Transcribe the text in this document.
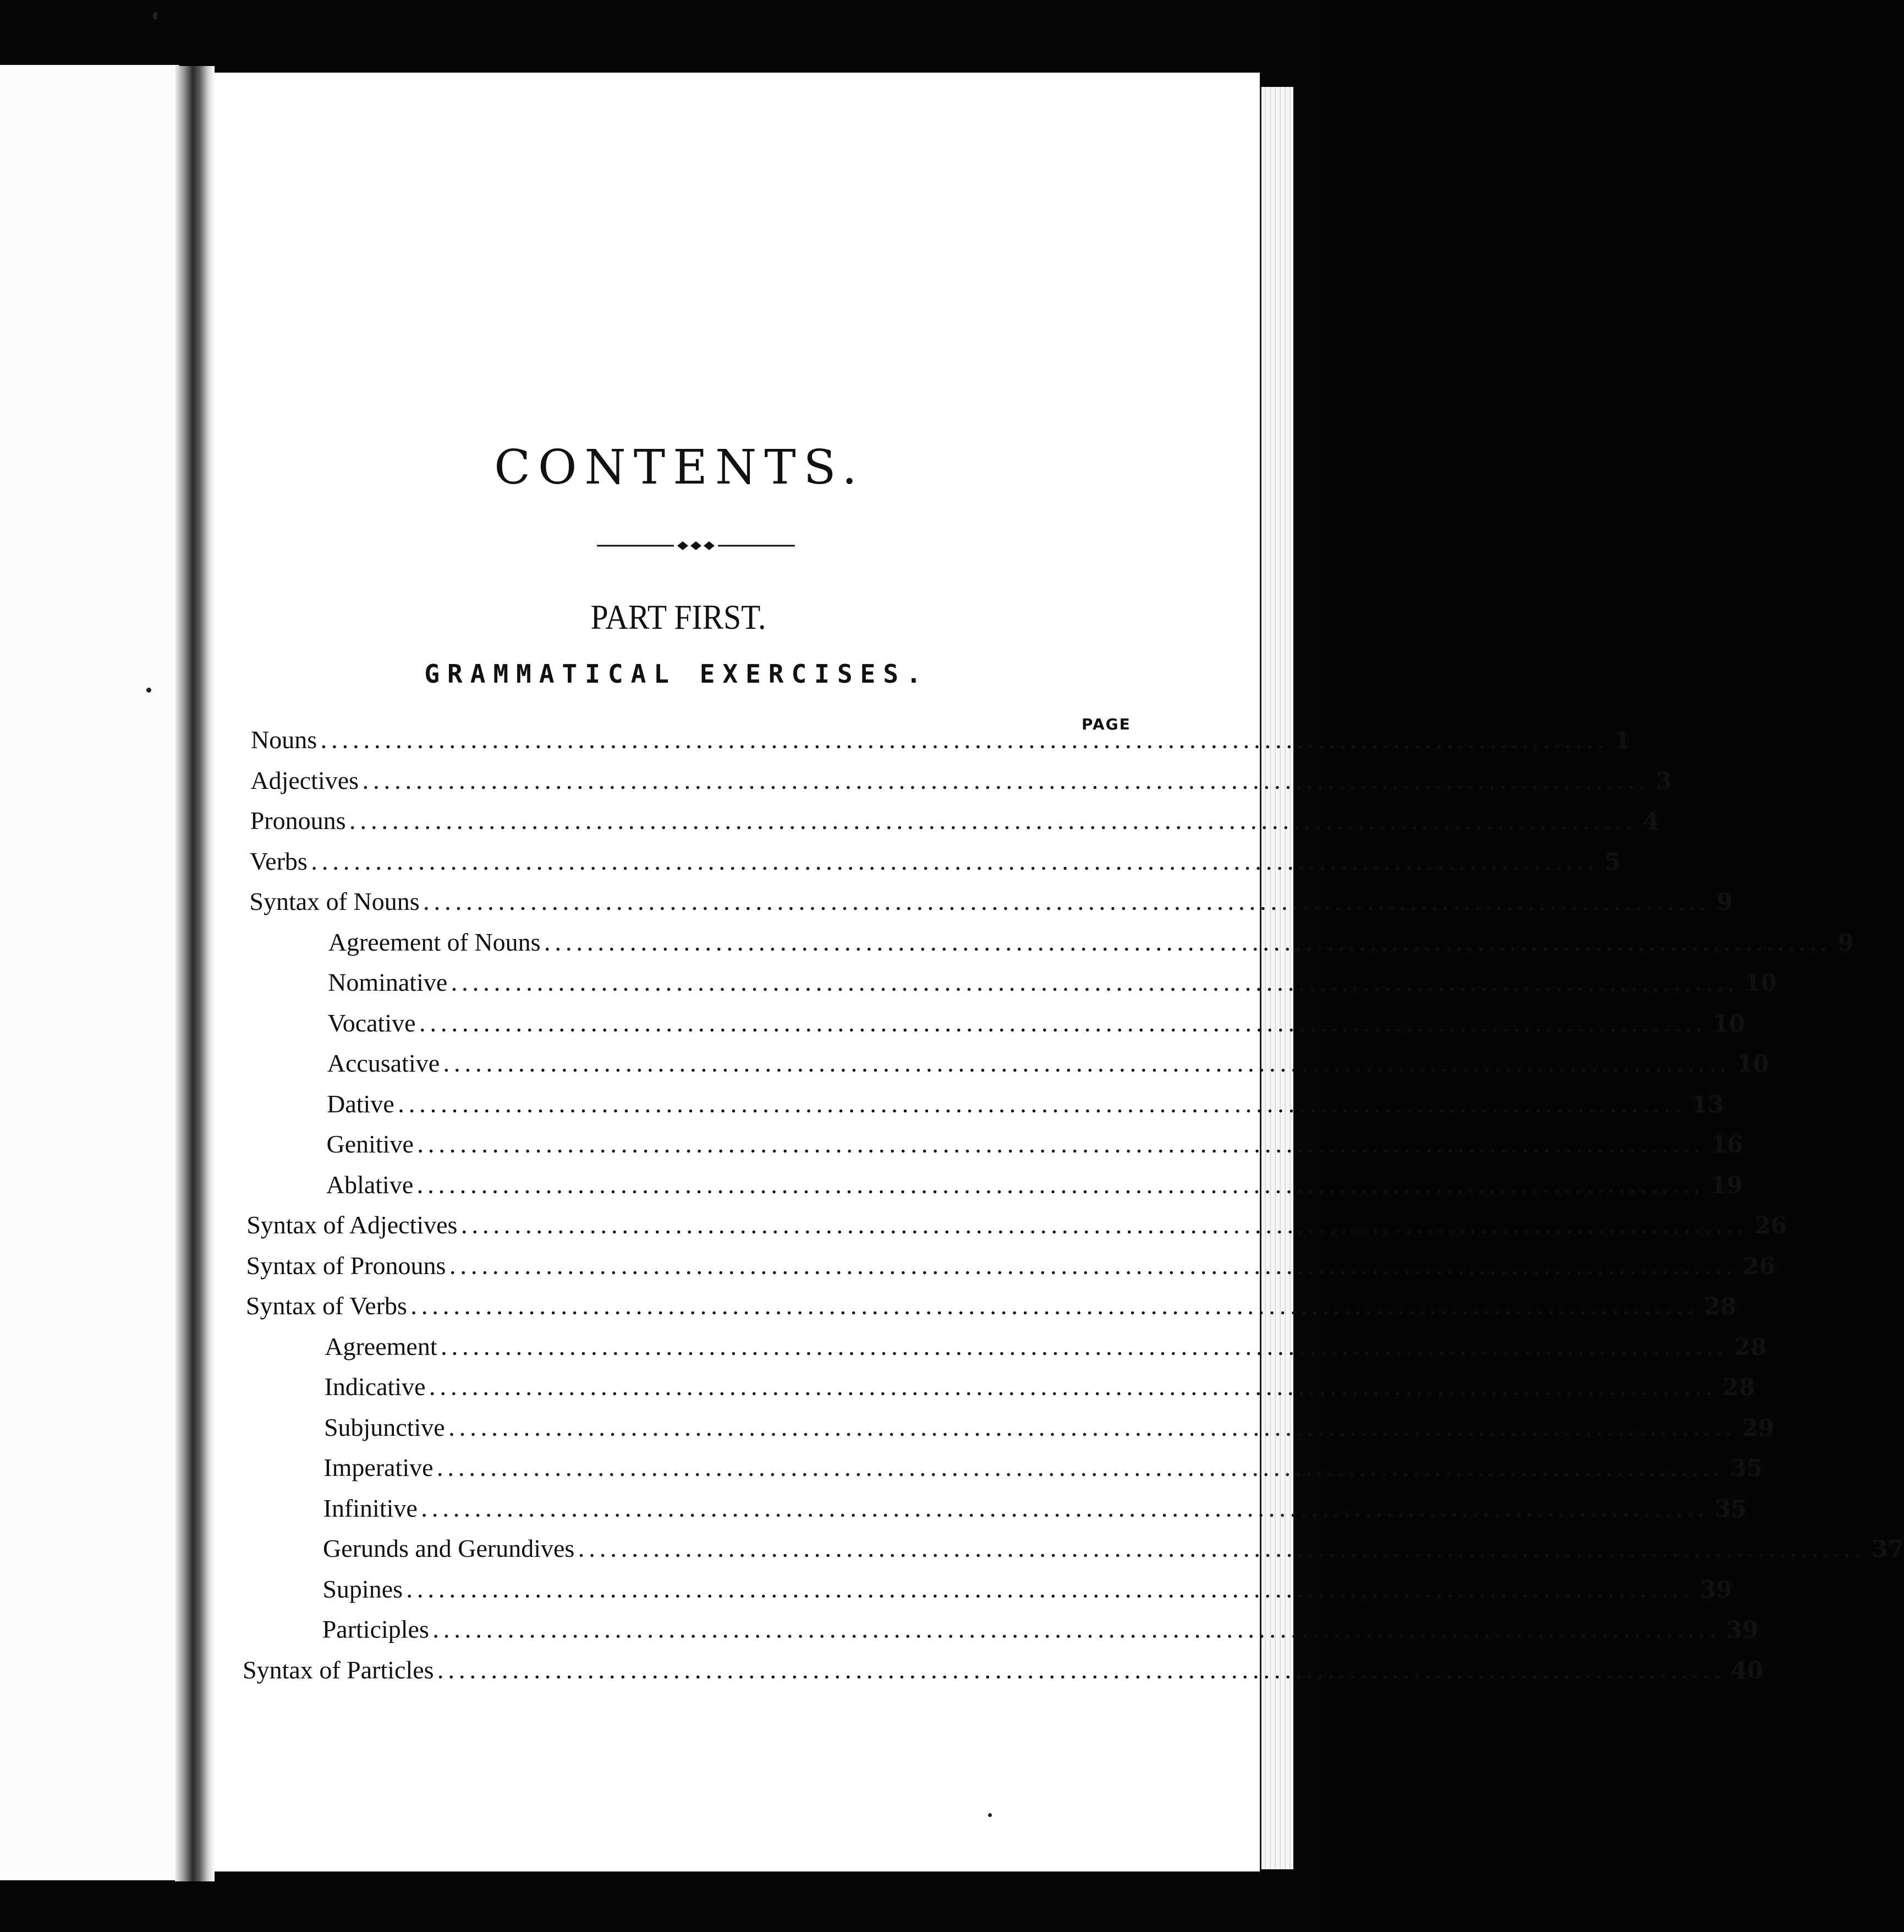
CONTENTS.
PART FIRST.
GRAMMATICAL EXERCISES.
PAGE
Nouns ........................................................................................................................ 1
Adjectives ........................................................................................................................ 3
Pronouns ........................................................................................................................ 4
Verbs ........................................................................................................................ 5
Syntax of Nouns ........................................................................................................................ 9
Agreement of Nouns ........................................................................................................................ 9
Nominative ........................................................................................................................ 10
Vocative ........................................................................................................................ 10
Accusative ........................................................................................................................ 10
Dative ........................................................................................................................ 13
Genitive ........................................................................................................................ 16
Ablative ........................................................................................................................ 19
Syntax of Adjectives ........................................................................................................................ 26
Syntax of Pronouns ........................................................................................................................ 26
Syntax of Verbs ........................................................................................................................ 28
Agreement ........................................................................................................................ 28
Indicative ........................................................................................................................ 28
Subjunctive ........................................................................................................................ 29
Imperative ........................................................................................................................ 35
Infinitive ........................................................................................................................ 35
Gerunds and Gerundives ........................................................................................................................ 37
Supines ........................................................................................................................ 39
Participles ........................................................................................................................ 39
Syntax of Particles ........................................................................................................................ 40
